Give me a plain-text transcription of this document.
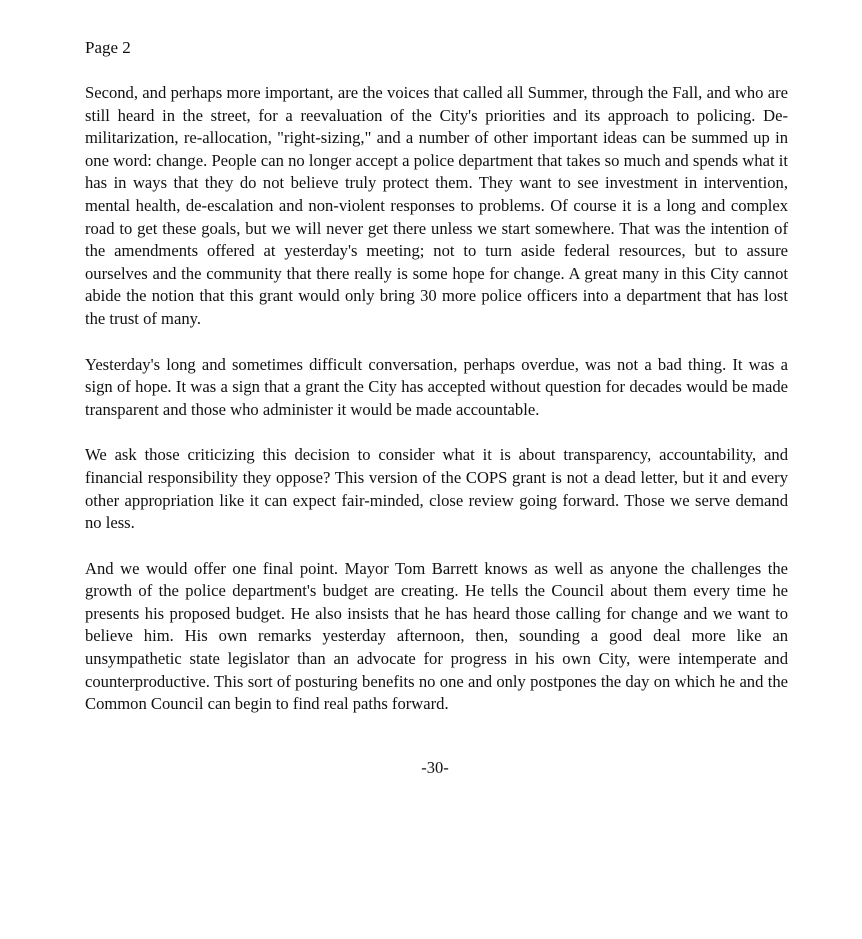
Page 2

Second, and perhaps more important, are the voices that called all Summer, through the Fall, and who are still heard in the street, for a reevaluation of the City's priorities and its approach to policing. De-militarization, re-allocation, "right-sizing," and a number of other important ideas can be summed up in one word: change. People can no longer accept a police department that takes so much and spends what it has in ways that they do not believe truly protect them. They want to see investment in intervention, mental health, de-escalation and non-violent responses to problems. Of course it is a long and complex road to get these goals, but we will never get there unless we start somewhere. That was the intention of the amendments offered at yesterday's meeting; not to turn aside federal resources, but to assure ourselves and the community that there really is some hope for change. A great many in this City cannot abide the notion that this grant would only bring 30 more police officers into a department that has lost the trust of many.

Yesterday's long and sometimes difficult conversation, perhaps overdue, was not a bad thing. It was a sign of hope. It was a sign that a grant the City has accepted without question for decades would be made transparent and those who administer it would be made accountable.

We ask those criticizing this decision to consider what it is about transparency, accountability, and financial responsibility they oppose? This version of the COPS grant is not a dead letter, but it and every other appropriation like it can expect fair-minded, close review going forward. Those we serve demand no less.

And we would offer one final point. Mayor Tom Barrett knows as well as anyone the challenges the growth of the police department's budget are creating. He tells the Council about them every time he presents his proposed budget. He also insists that he has heard those calling for change and we want to believe him. His own remarks yesterday afternoon, then, sounding a good deal more like an unsympathetic state legislator than an advocate for progress in his own City, were intemperate and counterproductive. This sort of posturing benefits no one and only postpones the day on which he and the Common Council can begin to find real paths forward.

-30-
